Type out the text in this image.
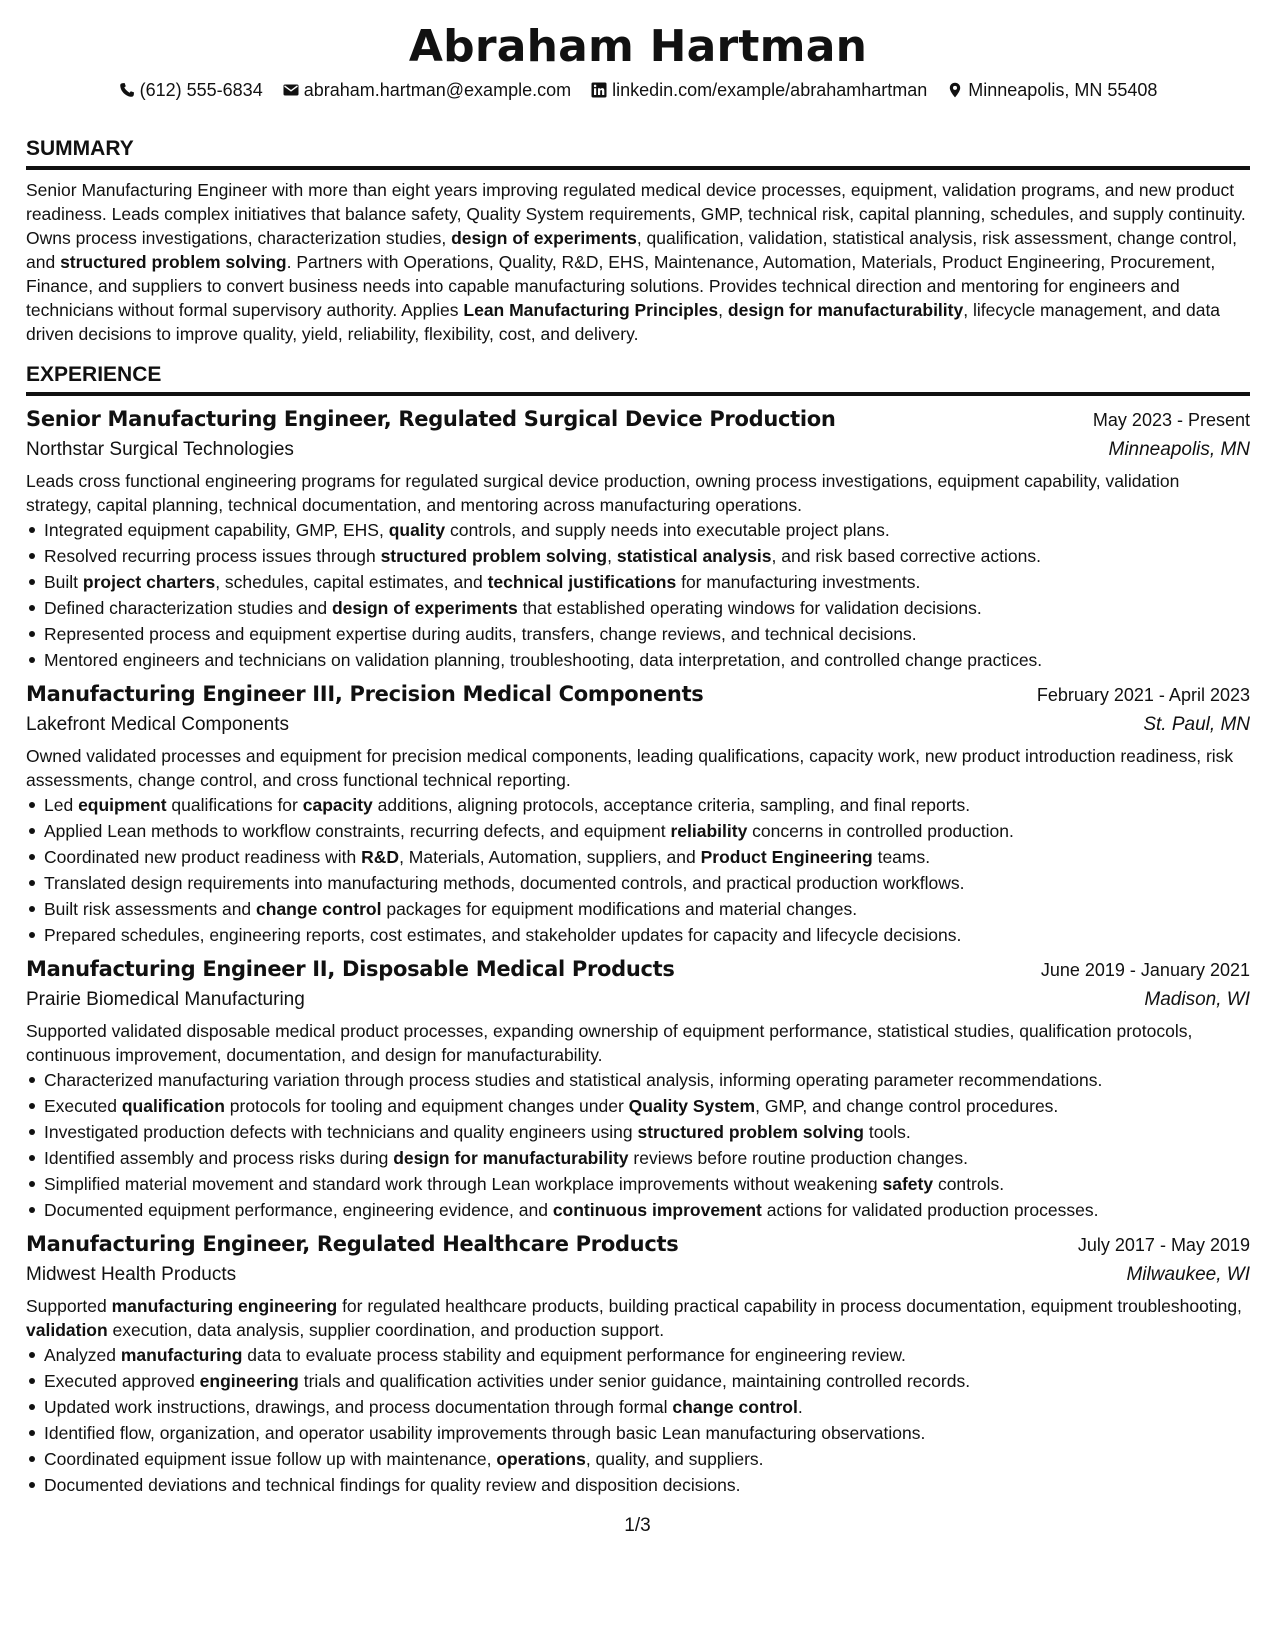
Abraham Hartman
(612) 555-6834 abraham.hartman@example.com linkedin.com/example/abrahamhartman Minneapolis, MN 55408
SUMMARY
Senior Manufacturing Engineer with more than eight years improving regulated medical device processes, equipment, validation programs, and new product readiness. Leads complex initiatives that balance safety, Quality System requirements, GMP, technical risk, capital planning, schedules, and supply continuity. Owns process investigations, characterization studies, design of experiments, qualification, validation, statistical analysis, risk assessment, change control, and structured problem solving. Partners with Operations, Quality, R&D, EHS, Maintenance, Automation, Materials, Product Engineering, Procurement, Finance, and suppliers to convert business needs into capable manufacturing solutions. Provides technical direction and mentoring for engineers and technicians without formal supervisory authority. Applies Lean Manufacturing Principles, design for manufacturability, lifecycle management, and data driven decisions to improve quality, yield, reliability, flexibility, cost, and delivery.
EXPERIENCE
Senior Manufacturing Engineer, Regulated Surgical Device Production	May 2023 - Present
Northstar Surgical Technologies	Minneapolis, MN
Leads cross functional engineering programs for regulated surgical device production, owning process investigations, equipment capability, validation strategy, capital planning, technical documentation, and mentoring across manufacturing operations.
Integrated equipment capability, GMP, EHS, quality controls, and supply needs into executable project plans.
Resolved recurring process issues through structured problem solving, statistical analysis, and risk based corrective actions.
Built project charters, schedules, capital estimates, and technical justifications for manufacturing investments.
Defined characterization studies and design of experiments that established operating windows for validation decisions.
Represented process and equipment expertise during audits, transfers, change reviews, and technical decisions.
Mentored engineers and technicians on validation planning, troubleshooting, data interpretation, and controlled change practices.
Manufacturing Engineer III, Precision Medical Components	February 2021 - April 2023
Lakefront Medical Components	St. Paul, MN
Owned validated processes and equipment for precision medical components, leading qualifications, capacity work, new product introduction readiness, risk assessments, change control, and cross functional technical reporting.
Led equipment qualifications for capacity additions, aligning protocols, acceptance criteria, sampling, and final reports.
Applied Lean methods to workflow constraints, recurring defects, and equipment reliability concerns in controlled production.
Coordinated new product readiness with R&D, Materials, Automation, suppliers, and Product Engineering teams.
Translated design requirements into manufacturing methods, documented controls, and practical production workflows.
Built risk assessments and change control packages for equipment modifications and material changes.
Prepared schedules, engineering reports, cost estimates, and stakeholder updates for capacity and lifecycle decisions.
Manufacturing Engineer II, Disposable Medical Products	June 2019 - January 2021
Prairie Biomedical Manufacturing	Madison, WI
Supported validated disposable medical product processes, expanding ownership of equipment performance, statistical studies, qualification protocols, continuous improvement, documentation, and design for manufacturability.
Characterized manufacturing variation through process studies and statistical analysis, informing operating parameter recommendations.
Executed qualification protocols for tooling and equipment changes under Quality System, GMP, and change control procedures.
Investigated production defects with technicians and quality engineers using structured problem solving tools.
Identified assembly and process risks during design for manufacturability reviews before routine production changes.
Simplified material movement and standard work through Lean workplace improvements without weakening safety controls.
Documented equipment performance, engineering evidence, and continuous improvement actions for validated production processes.
Manufacturing Engineer, Regulated Healthcare Products	July 2017 - May 2019
Midwest Health Products	Milwaukee, WI
Supported manufacturing engineering for regulated healthcare products, building practical capability in process documentation, equipment troubleshooting, validation execution, data analysis, supplier coordination, and production support.
Analyzed manufacturing data to evaluate process stability and equipment performance for engineering review.
Executed approved engineering trials and qualification activities under senior guidance, maintaining controlled records.
Updated work instructions, drawings, and process documentation through formal change control.
Identified flow, organization, and operator usability improvements through basic Lean manufacturing observations.
Coordinated equipment issue follow up with maintenance, operations, quality, and suppliers.
Documented deviations and technical findings for quality review and disposition decisions.
1/3
